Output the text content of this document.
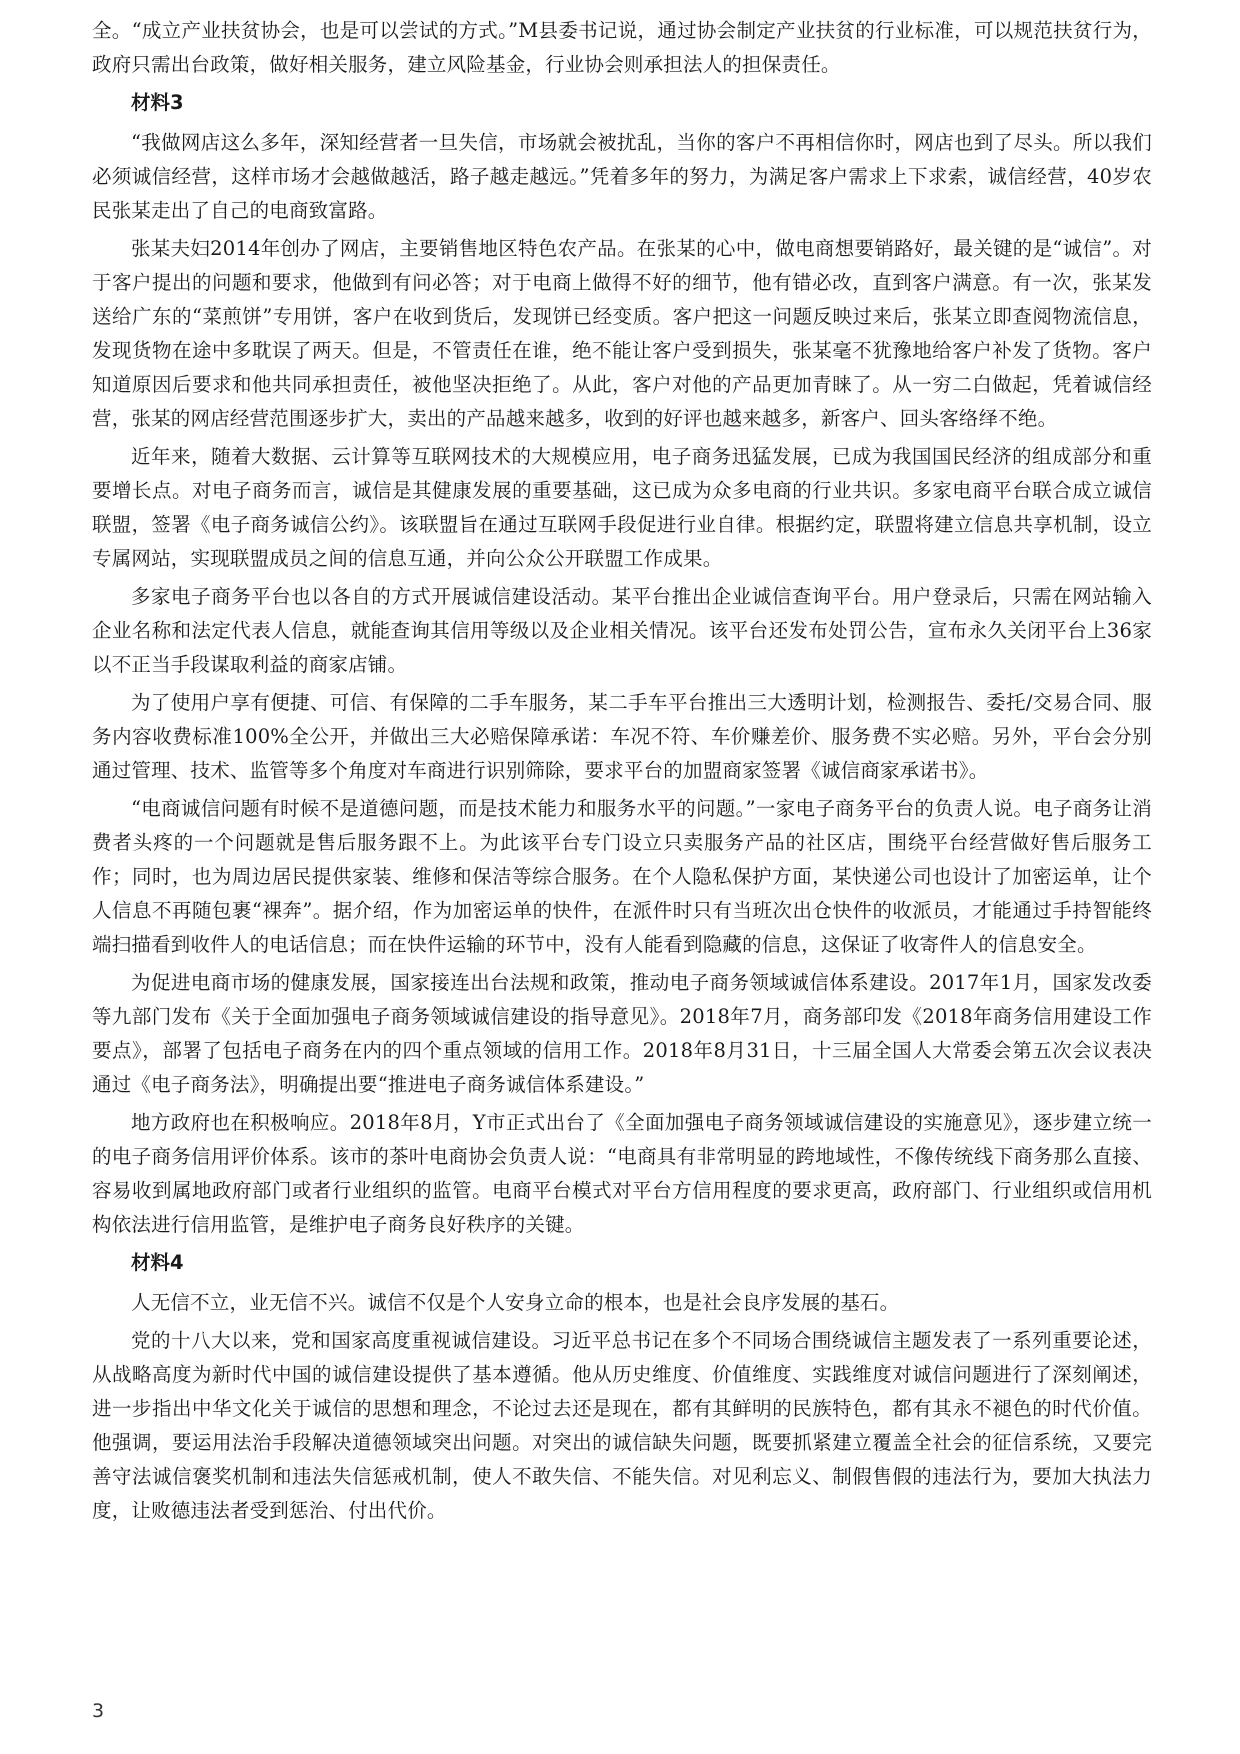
全。“成立产业扶贫协会，也是可以尝试的方式。”M县委书记说，通过协会制定产业扶贫的行业标准，可以规范扶贫行为，政府只需出台政策，做好相关服务，建立风险基金，行业协会则承担法人的担保责任。

材料3

“我做网店这么多年，深知经营者一旦失信，市场就会被扰乱，当你的客户不再相信你时，网店也到了尽头。所以我们必须诚信经营，这样市场才会越做越活，路子越走越远。”凭着多年的努力，为满足客户需求上下求索，诚信经营，40岁农民张某走出了自己的电商致富路。

张某夫妇2014年创办了网店，主要销售地区特色农产品。在张某的心中，做电商想要销路好，最关键的是“诚信”。对于客户提出的问题和要求，他做到有问必答；对于电商上做得不好的细节，他有错必改，直到客户满意。有一次，张某发送给广东的“菜煎饼”专用饼，客户在收到货后，发现饼已经变质。客户把这一问题反映过来后，张某立即查阅物流信息，发现货物在途中多耽误了两天。但是，不管责任在谁，绝不能让客户受到损失，张某毫不犹豫地给客户补发了货物。客户知道原因后要求和他共同承担责任，被他坚决拒绝了。从此，客户对他的产品更加青睐了。从一穷二白做起，凭着诚信经营，张某的网店经营范围逐步扩大，卖出的产品越来越多，收到的好评也越来越多，新客户、回头客络绎不绝。

近年来，随着大数据、云计算等互联网技术的大规模应用，电子商务迅猛发展，已成为我国国民经济的组成部分和重要增长点。对电子商务而言，诚信是其健康发展的重要基础，这已成为众多电商的行业共识。多家电商平台联合成立诚信联盟，签署《电子商务诚信公约》。该联盟旨在通过互联网手段促进行业自律。根据约定，联盟将建立信息共享机制，设立专属网站，实现联盟成员之间的信息互通，并向公众公开联盟工作成果。

多家电子商务平台也以各自的方式开展诚信建设活动。某平台推出企业诚信查询平台。用户登录后，只需在网站输入企业名称和法定代表人信息，就能查询其信用等级以及企业相关情况。该平台还发布处罚公告，宣布永久关闭平台上36家以不正当手段谋取利益的商家店铺。

为了使用户享有便捷、可信、有保障的二手车服务，某二手车平台推出三大透明计划，检测报告、委托/交易合同、服务内容收费标准100%全公开，并做出三大必赔保障承诺：车况不符、车价赚差价、服务费不实必赔。另外，平台会分别通过管理、技术、监管等多个角度对车商进行识别筛除，要求平台的加盟商家签署《诚信商家承诺书》。

“电商诚信问题有时候不是道德问题，而是技术能力和服务水平的问题。”一家电子商务平台的负责人说。电子商务让消费者头疼的一个问题就是售后服务跟不上。为此该平台专门设立只卖服务产品的社区店，围绕平台经营做好售后服务工作；同时，也为周边居民提供家装、维修和保洁等综合服务。在个人隐私保护方面，某快递公司也设计了加密运单，让个人信息不再随包裹“裸奔”。据介绍，作为加密运单的快件，在派件时只有当班次出仓快件的收派员，才能通过手持智能终端扫描看到收件人的电话信息；而在快件运输的环节中，没有人能看到隐藏的信息，这保证了收寄件人的信息安全。

为促进电商市场的健康发展，国家接连出台法规和政策，推动电子商务领域诚信体系建设。2017年1月，国家发改委等九部门发布《关于全面加强电子商务领域诚信建设的指导意见》。2018年7月，商务部印发《2018年商务信用建设工作要点》，部署了包括电子商务在内的四个重点领域的信用工作。2018年8月31日，十三届全国人大常委会第五次会议表决通过《电子商务法》，明确提出要“推进电子商务诚信体系建设。”

地方政府也在积极响应。2018年8月，Y市正式出台了《全面加强电子商务领域诚信建设的实施意见》，逐步建立统一的电子商务信用评价体系。该市的茶叶电商协会负责人说：“电商具有非常明显的跨地域性，不像传统线下商务那么直接、容易收到属地政府部门或者行业组织的监管。电商平台模式对平台方信用程度的要求更高，政府部门、行业组织或信用机构依法进行信用监管，是维护电子商务良好秩序的关键。

材料4

人无信不立，业无信不兴。诚信不仅是个人安身立命的根本，也是社会良序发展的基石。

党的十八大以来，党和国家高度重视诚信建设。习近平总书记在多个不同场合围绕诚信主题发表了一系列重要论述，从战略高度为新时代中国的诚信建设提供了基本遵循。他从历史维度、价值维度、实践维度对诚信问题进行了深刻阐述，进一步指出中华文化关于诚信的思想和理念，不论过去还是现在，都有其鲜明的民族特色，都有其永不褪色的时代价值。他强调，要运用法治手段解决道德领域突出问题。对突出的诚信缺失问题，既要抓紧建立覆盖全社会的征信系统，又要完善守法诚信褒奖机制和违法失信惩戒机制，使人不敢失信、不能失信。对见利忘义、制假售假的违法行为，要加大执法力度，让败德违法者受到惩治、付出代价。

3
